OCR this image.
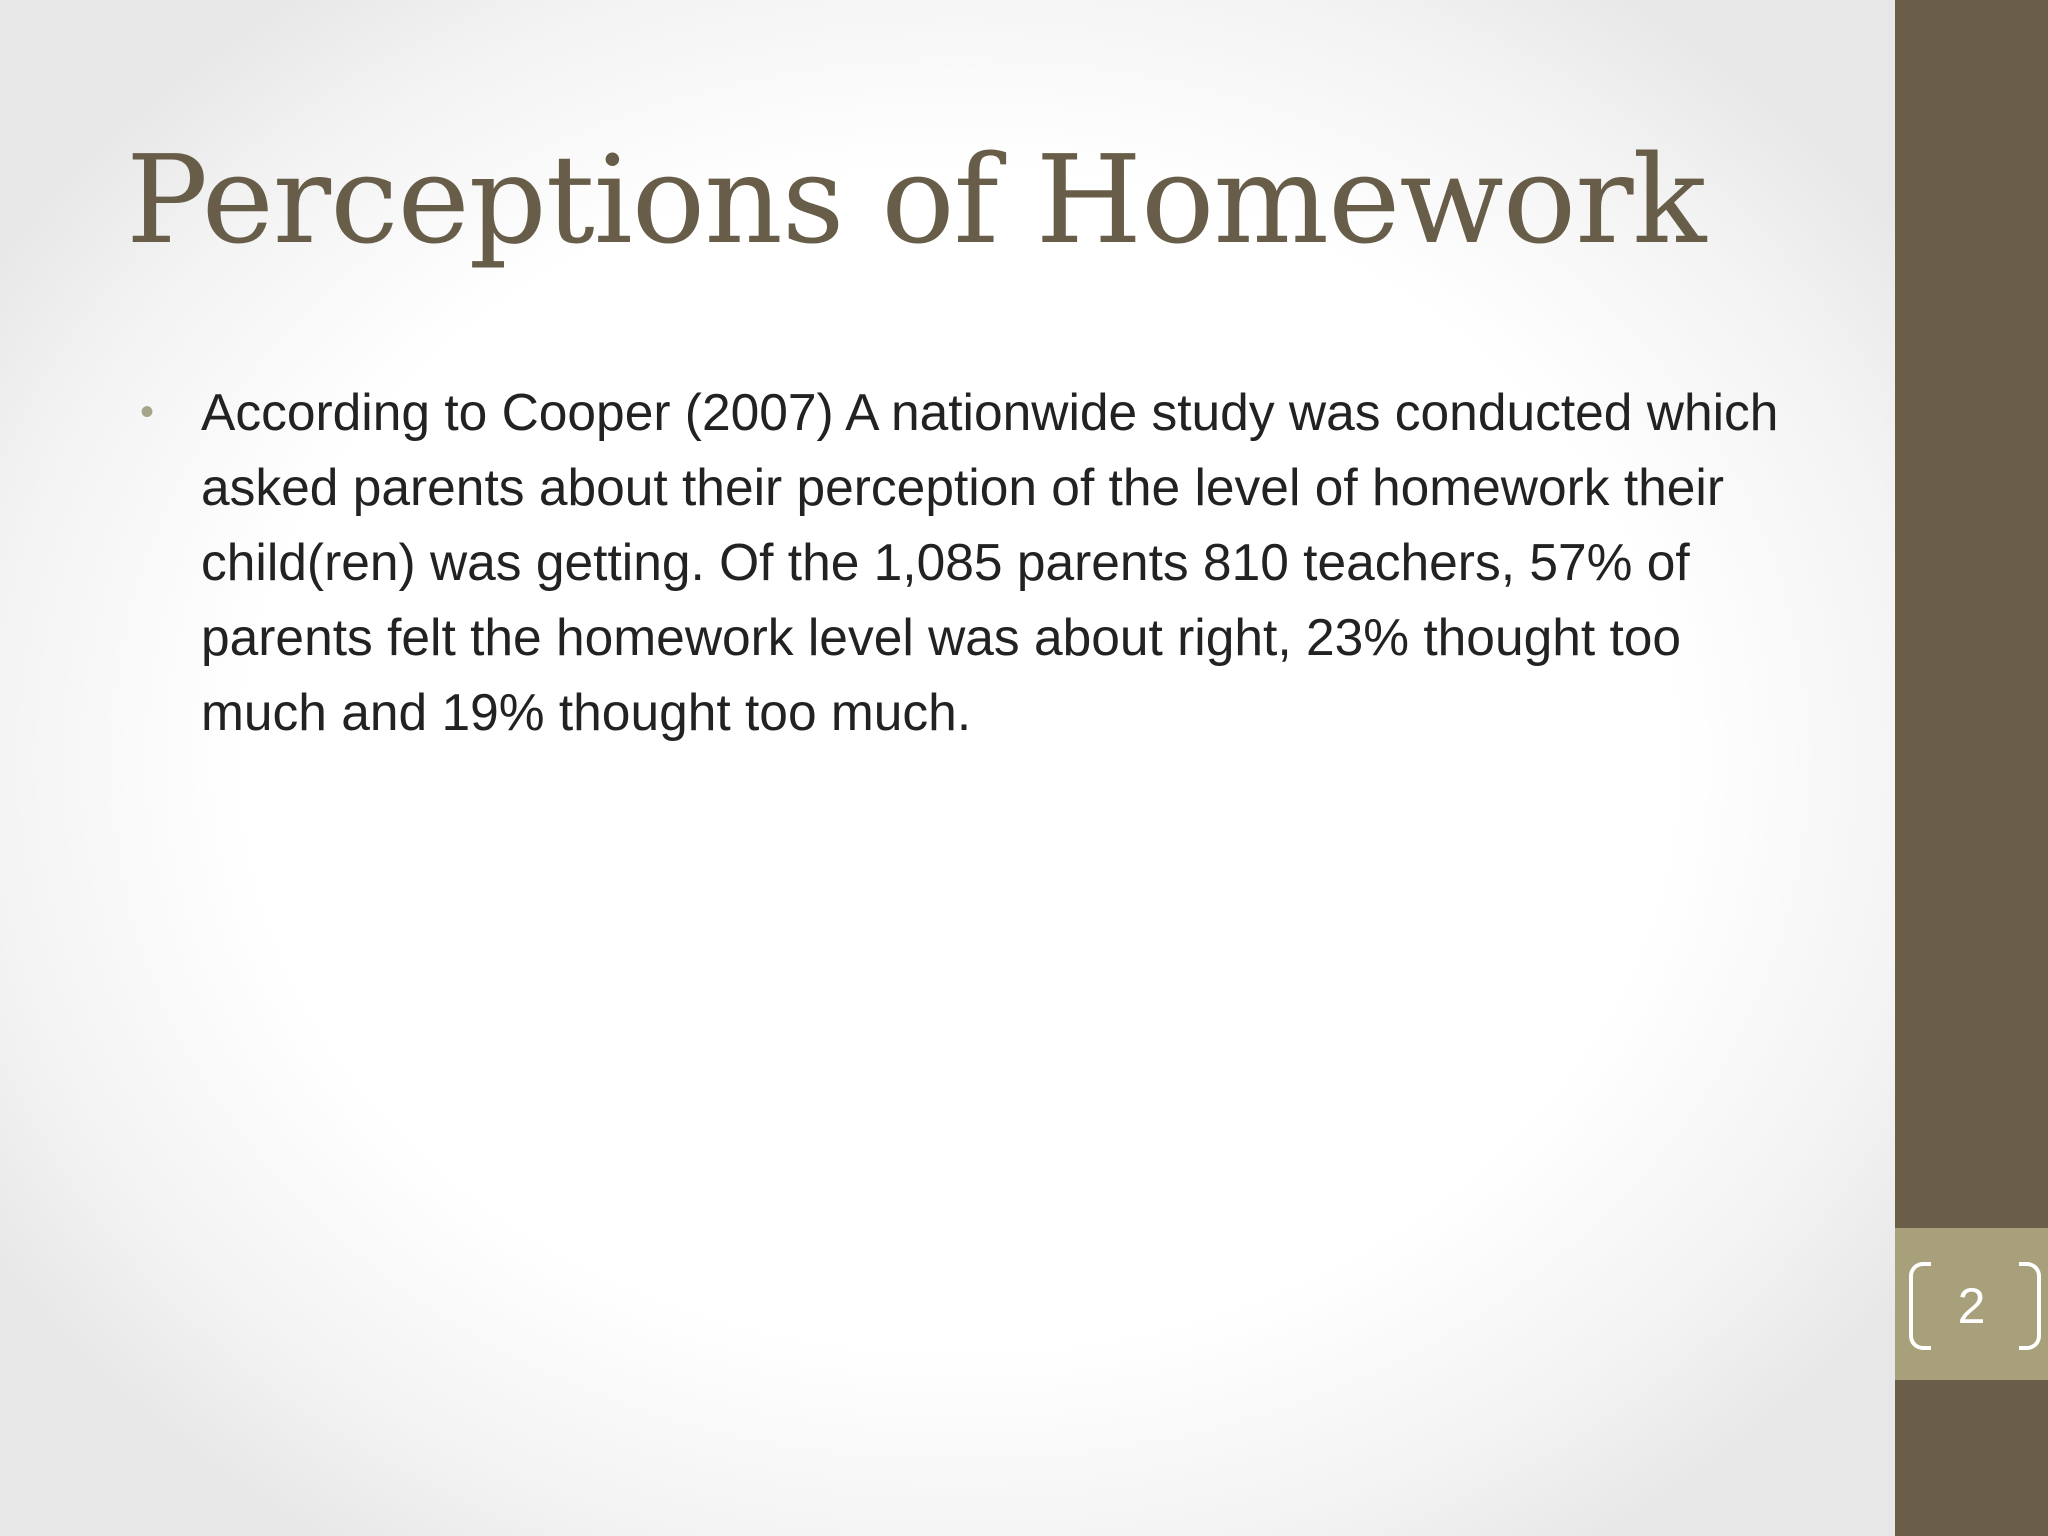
Perceptions of Homework
• According to Cooper (2007) A nationwide study was conducted which asked parents about their perception of the level of homework their child(ren) was getting. Of the 1,085 parents 810 teachers, 57% of parents felt the homework level was about right, 23% thought too much and 19% thought too much.
2
